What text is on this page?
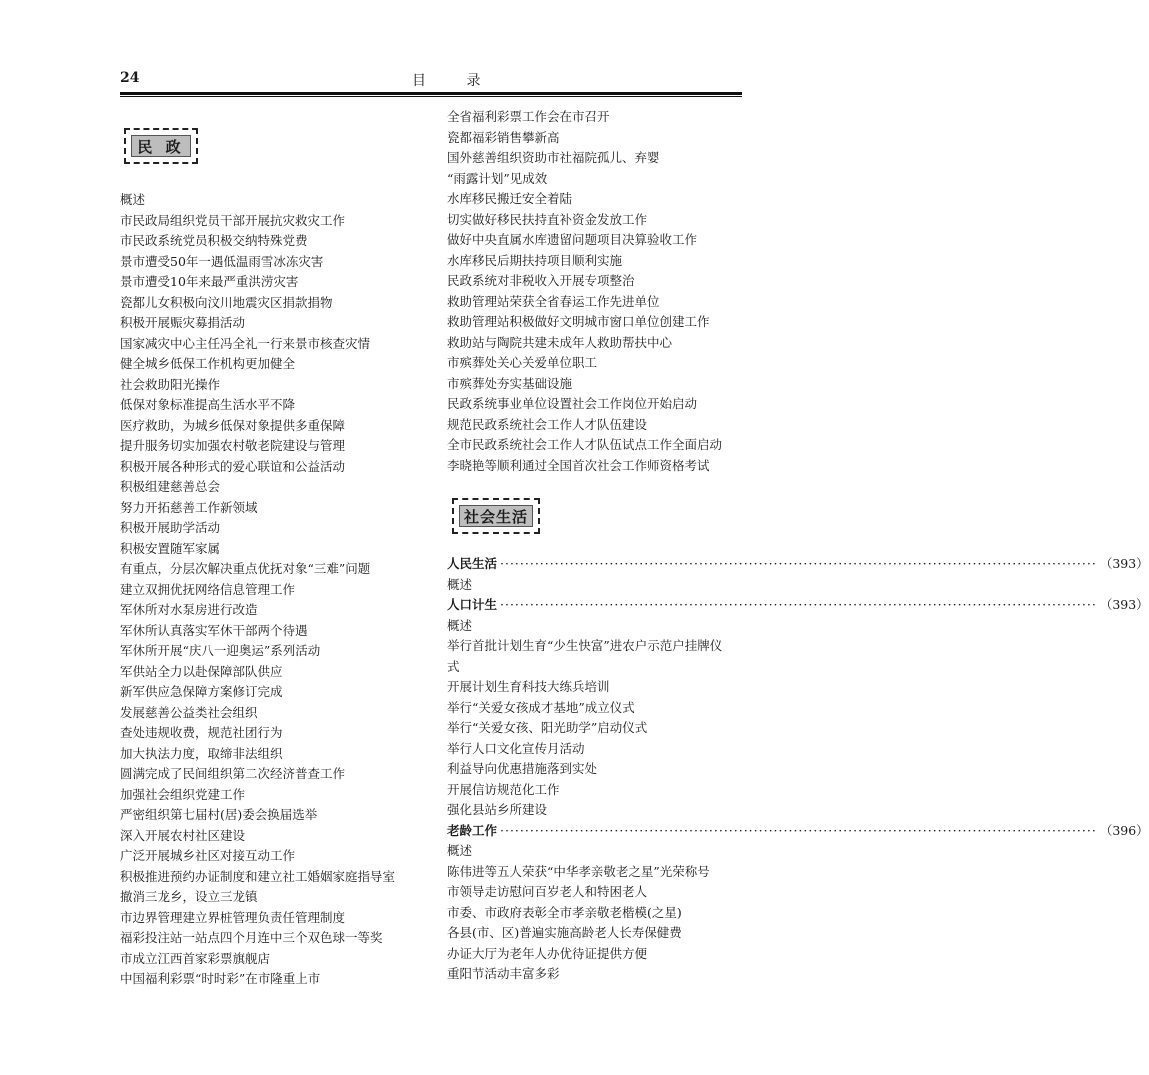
24	目 录
民 政
社会生活
概述
市民政局组织党员干部开展抗灾救灾工作
市民政系统党员积极交纳特殊党费
景市遭受50年一遇低温雨雪冰冻灾害
景市遭受10年来最严重洪涝灾害
瓷都儿女积极向汶川地震灾区捐款捐物
积极开展赈灾募捐活动
国家减灾中心主任冯全礼一行来景市核查灾情
健全城乡低保工作机构更加健全
社会救助阳光操作
低保对象标准提高生活水平不降
医疗救助，为城乡低保对象提供多重保障
提升服务切实加强农村敬老院建设与管理
积极开展各种形式的爱心联谊和公益活动
积极组建慈善总会
努力开拓慈善工作新领域
积极开展助学活动
积极安置随军家属
有重点，分层次解决重点优抚对象“三难”问题
建立双拥优抚网络信息管理工作
军休所对水泵房进行改造
军休所认真落实军休干部两个待遇
军休所开展“庆八一迎奥运”系列活动
军供站全力以赴保障部队供应
新军供应急保障方案修订完成
发展慈善公益类社会组织
查处违规收费，规范社团行为
加大执法力度，取缔非法组织
圆满完成了民间组织第二次经济普查工作
加强社会组织党建工作
严密组织第七届村(居)委会换届选举
深入开展农村社区建设
广泛开展城乡社区对接互动工作
积极推进预约办证制度和建立社工婚姻家庭指导室
撤消三龙乡，设立三龙镇
市边界管理建立界桩管理负责任管理制度
福彩投注站一站点四个月连中三个双色球一等奖
市成立江西首家彩票旗舰店
中国福利彩票“时时彩”在市隆重上市
全省福利彩票工作会在市召开
瓷都福彩销售攀新高
国外慈善组织资助市社福院孤儿、弃婴
“雨露计划”见成效
水库移民搬迁安全着陆
切实做好移民扶持直补资金发放工作
做好中央直属水库遗留问题项目决算验收工作
水库移民后期扶持项目顺利实施
民政系统对非税收入开展专项整治
救助管理站荣获全省春运工作先进单位
救助管理站积极做好文明城市窗口单位创建工作
救助站与陶院共建未成年人救助帮扶中心
市殡葬处关心关爱单位职工
市殡葬处夯实基础设施
民政系统事业单位设置社会工作岗位开始启动
规范民政系统社会工作人才队伍建设
全市民政系统社会工作人才队伍试点工作全面启动
李晓艳等顺利通过全国首次社会工作师资格考试
人民生活 ························································································································ （393）
概述
人口计生 ························································································································ （393）
概述
举行首批计划生育“少生快富”进农户示范户挂牌仪
式
开展计划生育科技大练兵培训
举行“关爱女孩成才基地”成立仪式
举行“关爱女孩、阳光助学”启动仪式
举行人口文化宣传月活动
利益导向优惠措施落到实处
开展信访规范化工作
强化县站乡所建设
老龄工作 ························································································································ （396）
概述
陈伟进等五人荣获“中华孝亲敬老之星”光荣称号
市领导走访慰问百岁老人和特困老人
市委、市政府表彰全市孝亲敬老楷模(之星)
各县(市、区)普遍实施高龄老人长寿保健费
办证大厅为老年人办优待证提供方便
重阳节活动丰富多彩
